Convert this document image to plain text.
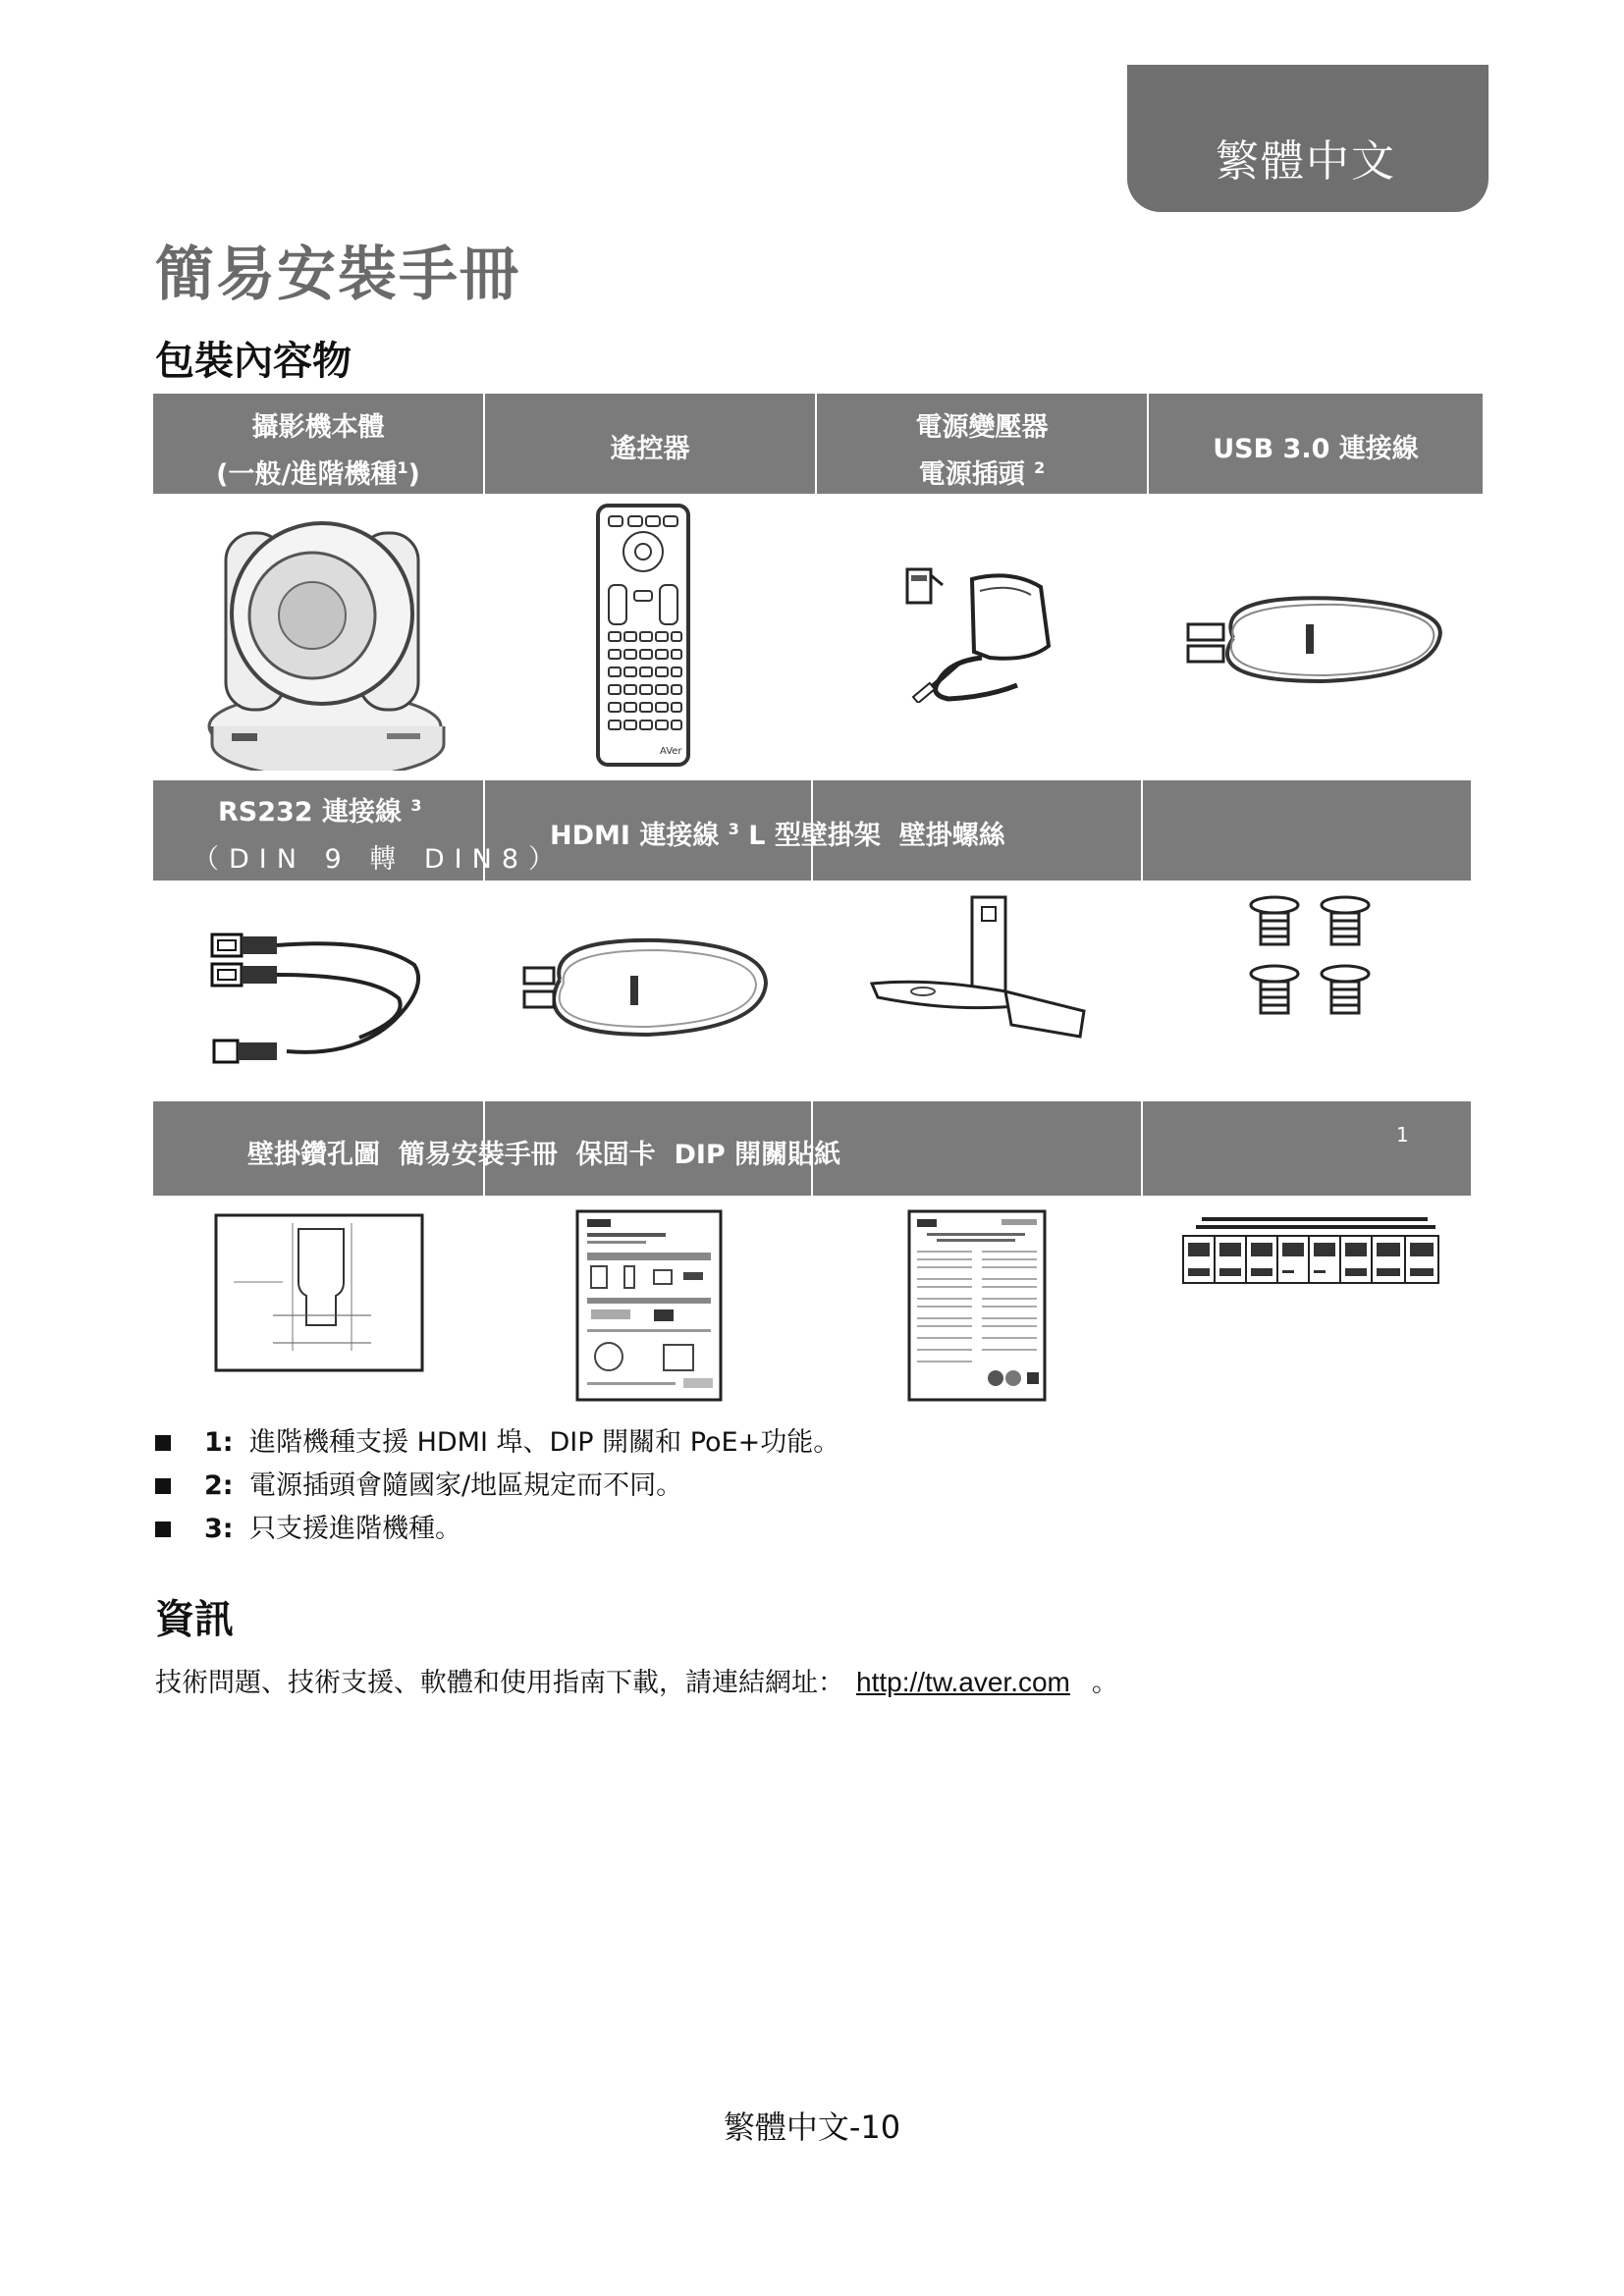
繁體中文
簡易安裝手冊
包裝內容物
攝影機本體
(一般/進階機種$^1$)
遙控器
電源變壓器
電源插頭 $^2$
USB 3.0 連接線
AVer
RS232 連接線 $^3$
（DIN 9 轉 DIN8）
HDMI 連接線 $^3$ L 型壁掛架 壁掛螺絲
壁掛鑽孔圖 簡易安裝手冊 保固卡 DIP 開關貼紙
1
1: 進階機種支援 HDMI 埠、DIP 開關和 PoE+功能。
2: 電源插頭會隨國家/地區規定而不同。
3: 只支援進階機種。
資訊
技術問題、技術支援、軟體和使用指南下載，請連結網址： http://tw.aver.com 。
繁體中文-10
